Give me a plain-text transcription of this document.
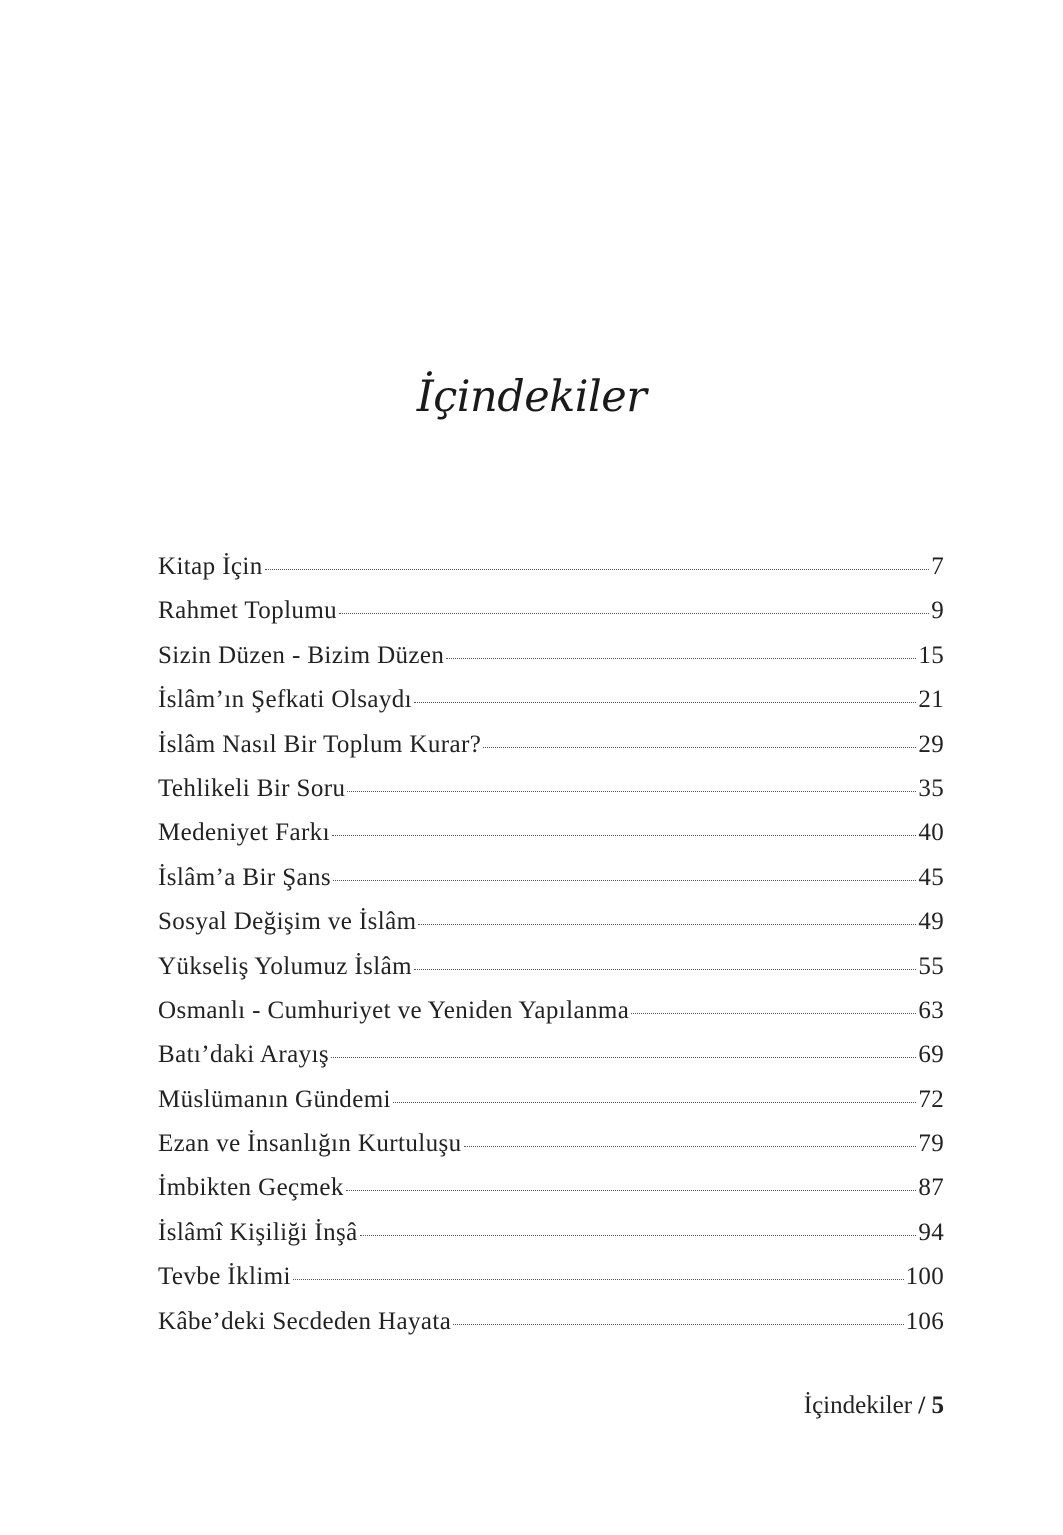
İçindekiler
Kitap İçin	7
Rahmet Toplumu	9
Sizin Düzen - Bizim Düzen	15
İslâm’ın Şefkati Olsaydı	21
İslâm Nasıl Bir Toplum Kurar?	29
Tehlikeli Bir Soru	35
Medeniyet Farkı	40
İslâm’a Bir Şans	45
Sosyal Değişim ve İslâm	49
Yükseliş Yolumuz İslâm	55
Osmanlı - Cumhuriyet ve Yeniden Yapılanma	63
Batı’daki Arayış	69
Müslümanın Gündemi	72
Ezan ve İnsanlığın Kurtuluşu	79
İmbikten Geçmek	87
İslâmî Kişiliği İnşâ	94
Tevbe İklimi	100
Kâbe’deki Secdeden Hayata	106
İçindekiler / 5
